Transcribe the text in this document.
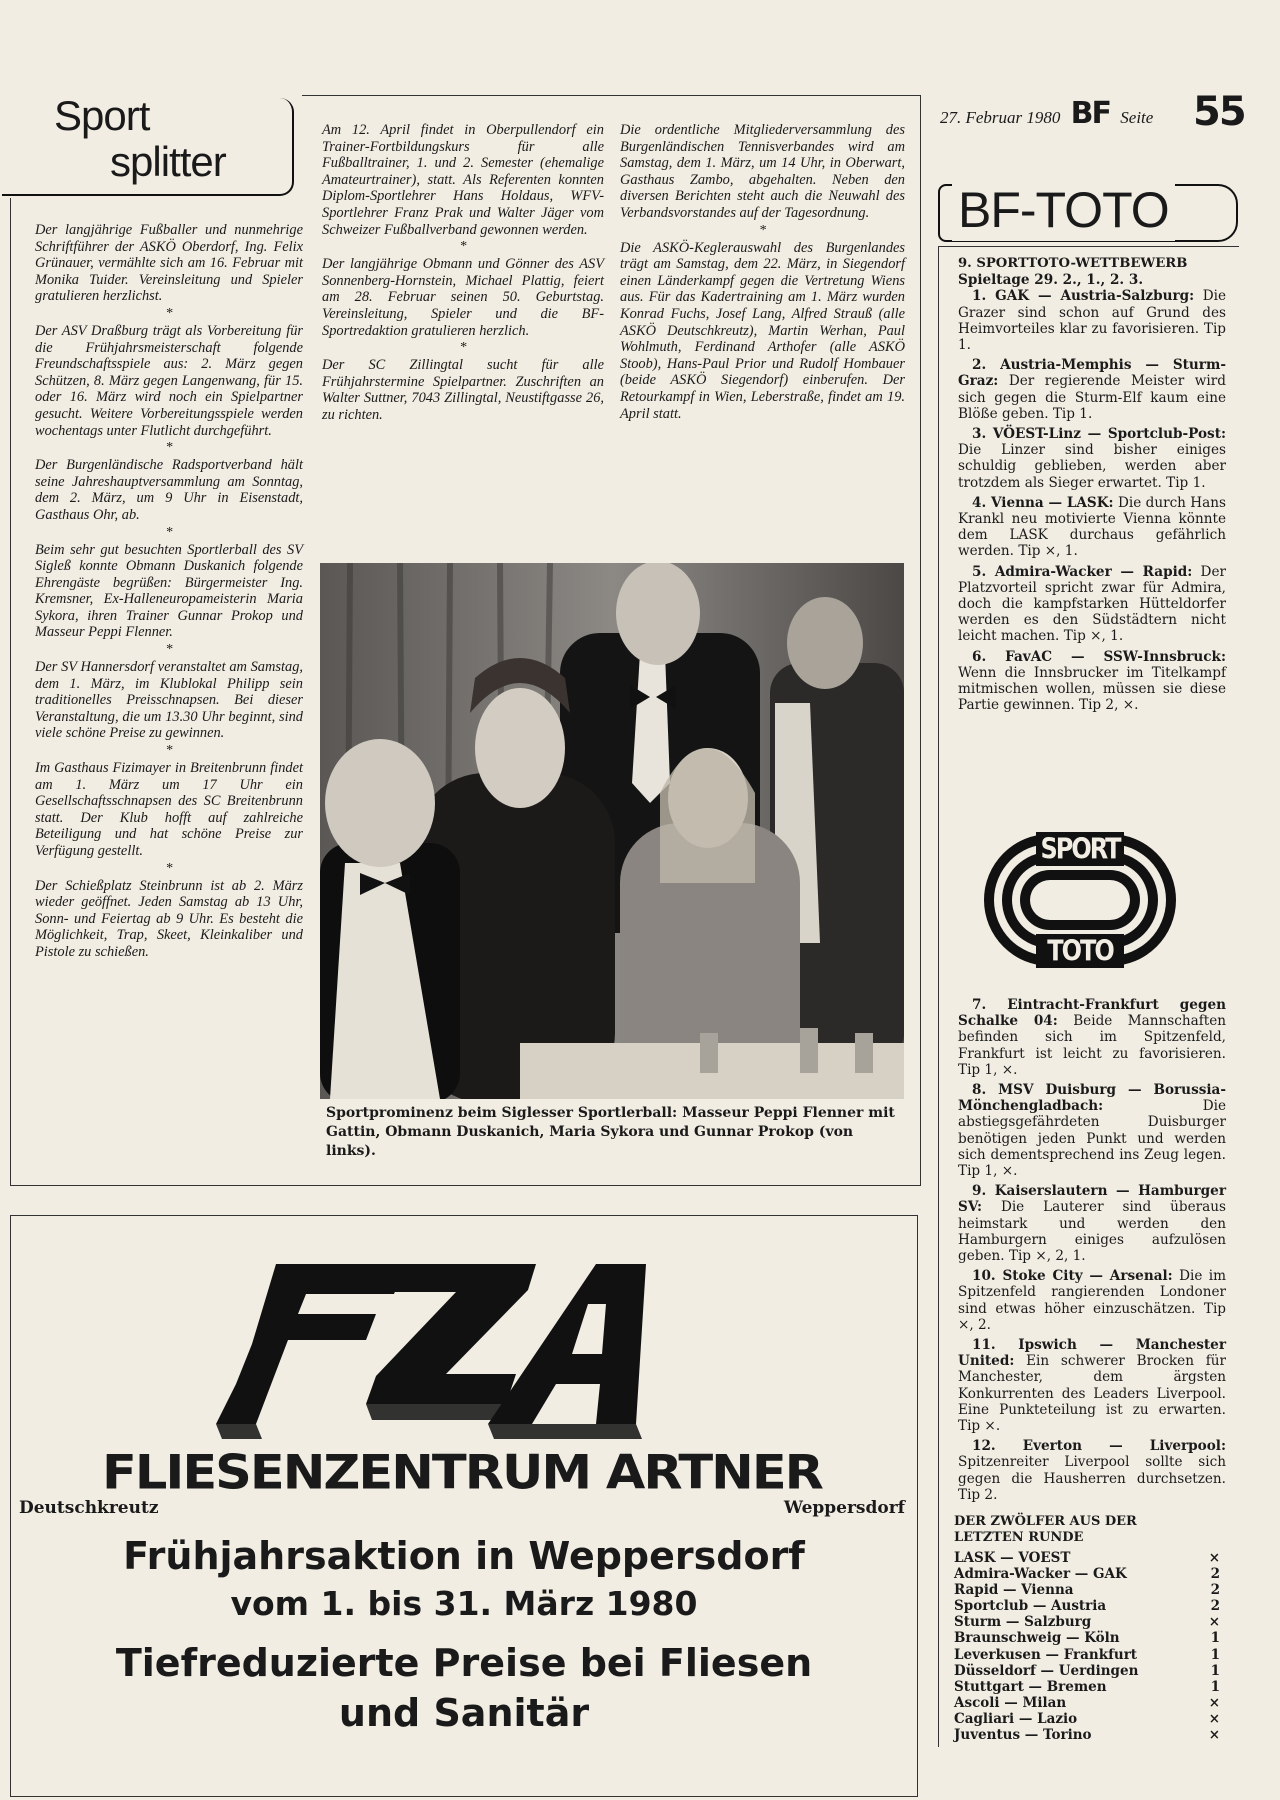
Sport
splitter

Der langjährige Fußballer und nunmehrige Schriftführer der ASKÖ Oberdorf, Ing. Felix Grünauer, vermählte sich am 16. Februar mit Monika Tuider. Vereinsleitung und Spieler gratulieren herzlichst.

*

Der ASV Draßburg trägt als Vorbereitung für die Frühjahrsmeisterschaft folgende Freundschaftsspiele aus: 2. März gegen Schützen, 8. März gegen Langenwang, für 15. oder 16. März wird noch ein Spielpartner gesucht. Weitere Vorbereitungsspiele werden wochentags unter Flutlicht durchgeführt.

*

Der Burgenländische Radsportverband hält seine Jahreshauptversammlung am Sonntag, dem 2. März, um 9 Uhr in Eisenstadt, Gasthaus Ohr, ab.

*

Beim sehr gut besuchten Sportlerball des SV Sigleß konnte Obmann Duskanich folgende Ehrengäste begrüßen: Bürgermeister Ing. Kremsner, Ex-Halleneuropameisterin Maria Sykora, ihren Trainer Gunnar Prokop und Masseur Peppi Flenner.

*

Der SV Hannersdorf veranstaltet am Samstag, dem 1. März, im Klublokal Philipp sein traditionelles Preisschnapsen. Bei dieser Veranstaltung, die um 13.30 Uhr beginnt, sind viele schöne Preise zu gewinnen.

*

Im Gasthaus Fizimayer in Breitenbrunn findet am 1. März um 17 Uhr ein Gesellschaftsschnapsen des SC Breitenbrunn statt. Der Klub hofft auf zahlreiche Beteiligung und hat schöne Preise zur Verfügung gestellt.

*

Der Schießplatz Steinbrunn ist ab 2. März wieder geöffnet. Jeden Samstag ab 13 Uhr, Sonn- und Feiertag ab 9 Uhr. Es besteht die Möglichkeit, Trap, Skeet, Kleinkaliber und Pistole zu schießen.

Am 12. April findet in Oberpullendorf ein Trainer-Fortbildungskurs für alle Fußballtrainer, 1. und 2. Semester (ehemalige Amateurtrainer), statt. Als Referenten konnten Diplom-Sportlehrer Hans Holdaus, WFV-Sportlehrer Franz Prak und Walter Jäger vom Schweizer Fußballverband gewonnen werden.

*

Der langjährige Obmann und Gönner des ASV Sonnenberg-Hornstein, Michael Plattig, feiert am 28. Februar seinen 50. Geburtstag. Vereinsleitung, Spieler und die BF-Sportredaktion gratulieren herzlich.

*

Der SC Zillingtal sucht für alle Frühjahrstermine Spielpartner. Zuschriften an Walter Suttner, 7043 Zillingtal, Neustiftgasse 26, zu richten.

Die ordentliche Mitgliederversammlung des Burgenländischen Tennisverbandes wird am Samstag, dem 1. März, um 14 Uhr, in Oberwart, Gasthaus Zambo, abgehalten. Neben den diversen Berichten steht auch die Neuwahl des Verbandsvorstandes auf der Tagesordnung.

*

Die ASKÖ-Keglerauswahl des Burgenlandes trägt am Samstag, dem 22. März, in Siegendorf einen Länderkampf gegen die Vertretung Wiens aus. Für das Kadertraining am 1. März wurden Konrad Fuchs, Josef Lang, Alfred Strauß (alle ASKÖ Deutschkreutz), Martin Werhan, Paul Wohlmuth, Ferdinand Arthofer (alle ASKÖ Stoob), Hans-Paul Prior und Rudolf Hombauer (beide ASKÖ Siegendorf) einberufen. Der Retourkampf in Wien, Leberstraße, findet am 19. April statt.

Sportprominenz beim Siglesser Sportlerball: Masseur Peppi Flenner mit Gattin, Obmann Duskanich, Maria Sykora und Gunnar Prokop (von links).
27. Februar 1980 BF Seite 55
BF-TOTO
9. SPORTTOTO-WETTBEWERB
Spieltage 29. 2., 1., 2. 3.

1. GAK — Austria-Salzburg: Die Grazer sind schon auf Grund des Heimvorteiles klar zu favorisieren. Tip 1.

2. Austria-Memphis — Sturm-Graz: Der regierende Meister wird sich gegen die Sturm-Elf kaum eine Blöße geben. Tip 1.

3. VÖEST-Linz — Sportclub-Post: Die Linzer sind bisher einiges schuldig geblieben, werden aber trotzdem als Sieger erwartet. Tip 1.

4. Vienna — LASK: Die durch Hans Krankl neu motivierte Vienna könnte dem LASK durchaus gefährlich werden. Tip ×, 1.

5. Admira-Wacker — Rapid: Der Platzvorteil spricht zwar für Admira, doch die kampfstarken Hütteldorfer werden es den Südstädtern nicht leicht machen. Tip ×, 1.

6. FavAC — SSW-Innsbruck: Wenn die Innsbrucker im Titelkampf mitmischen wollen, müssen sie diese Partie gewinnen. Tip 2, ×.

SPORT
TOTO

7. Eintracht-Frankfurt gegen Schalke 04: Beide Mannschaften befinden sich im Spitzenfeld, Frankfurt ist leicht zu favorisieren. Tip 1, ×.

8. MSV Duisburg — Borussia-Mönchengladbach:	Die abstiegsgefährdeten Duisburger benötigen jeden Punkt und werden sich dementsprechend ins Zeug legen. Tip 1, ×.

9. Kaiserslautern — Hamburger SV: Die Lauterer sind überaus heimstark und werden den Hamburgern einiges aufzulösen geben. Tip ×, 2, 1.

10. Stoke City — Arsenal: Die im Spitzenfeld rangierenden Londoner sind etwas höher einzuschätzen. Tip ×, 2.

11. Ipswich — Manchester United: Ein schwerer Brocken für Manchester, dem ärgsten Konkurrenten des Leaders Liverpool. Eine Punkteteilung ist zu erwarten. Tip ×.

12. Everton — Liverpool: Spitzenreiter Liverpool sollte sich gegen die Hausherren durchsetzen. Tip 2.

DER ZWÖLFER AUS DER LETZTEN RUNDE
LASK — VOEST	×
Admira-Wacker — GAK	2
Rapid — Vienna	2
Sportclub — Austria	2
Sturm — Salzburg	×
Braunschweig — Köln	1
Leverkusen — Frankfurt	1
Düsseldorf — Uerdingen	1
Stuttgart — Bremen	1
Ascoli — Milan	×
Cagliari — Lazio	×
Juventus — Torino	×
FLIESENZENTRUM ARTNER
Deutschkreutz	Weppersdorf
Frühjahrsaktion in Weppersdorf
vom 1. bis 31. März 1980
Tiefreduzierte Preise bei Fliesen
und Sanitär
